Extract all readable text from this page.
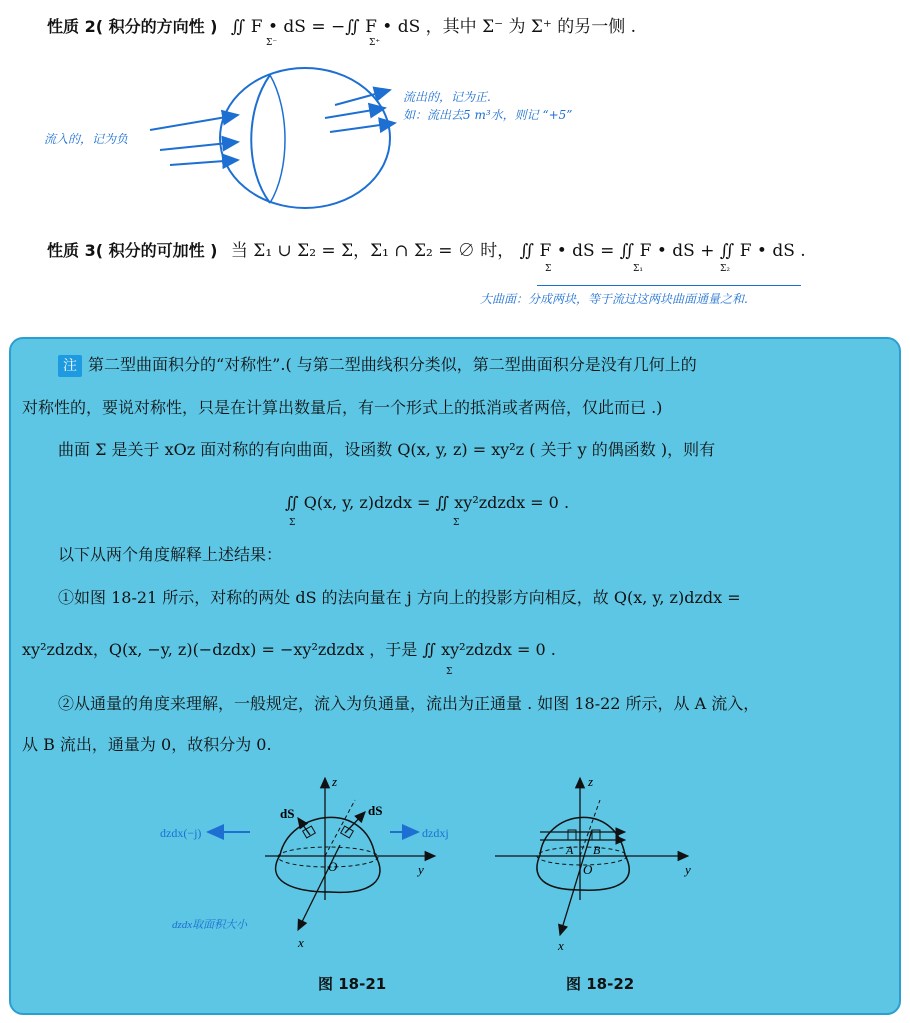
性质 2( 积分的方向性 ) ∬ F • dS = −∬ F • dS ，其中 Σ⁻ 为 Σ⁺ 的另一侧 .
Σ⁻	Σ⁺
流入的，记为负
流出的，记为正.
如：流出去5 m³水，则记 “+5”
性质 3( 积分的可加性 ) 当 Σ₁ ∪ Σ₂ = Σ，Σ₁ ∩ Σ₂ = ∅ 时， ∬ F • dS = ∬ F • dS + ∬ F • dS .
Σ	Σ₁	Σ₂
大曲面：分成两块，等于流过这两块曲面通量之和.
注 第二型曲面积分的“对称性”.( 与第二型曲线积分类似，第二型曲面积分是没有几何上的
对称性的，要说对称性，只是在计算出数量后，有一个形式上的抵消或者两倍，仅此而已 .)
曲面 Σ 是关于 xOz 面对称的有向曲面，设函数 Q(x, y, z) = xy²z ( 关于 y 的偶函数 )，则有
∬ Q(x, y, z)dzdx = ∬ xy²zdzdx = 0 .
Σ	Σ
以下从两个角度解释上述结果：
①如图 18-21 所示，对称的两处 dS 的法向量在 j 方向上的投影方向相反，故 Q(x, y, z)dzdx =
xy²zdzdx，Q(x, −y, z)(−dzdx) = −xy²zdzdx ，于是 ∬ xy²zdzdx = 0 .
Σ
②从通量的角度来理解，一般规定，流入为负通量，流出为正通量 . 如图 18-22 所示，从 A 流入，
从 B 流出，通量为 0，故积分为 0.
z
y
x
O
dS	dS
dzdx(−j)	dzdxj
dzdx取面积大小
图 18-21
z
y
x
O
A B
图 18-22
